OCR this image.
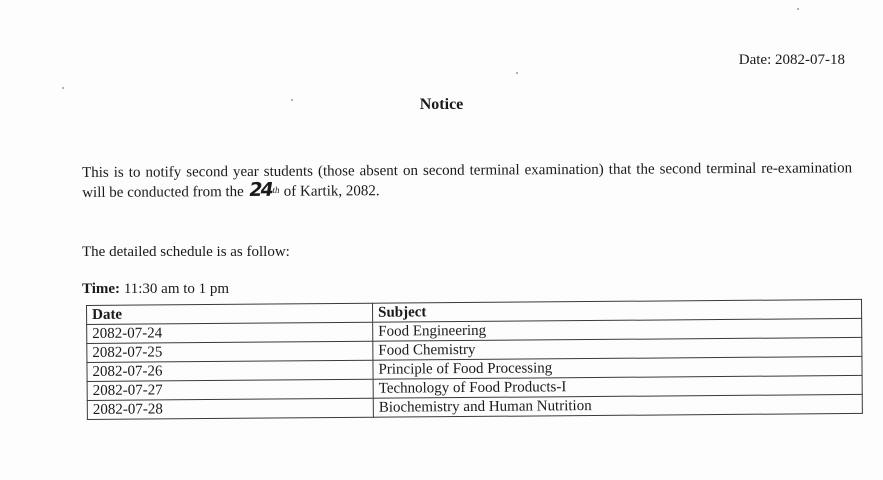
Date: 2082-07-18
Notice
This is to notify second year students (those absent on second terminal examination) that the second terminal re-examination will be conducted from the 24th of Kartik, 2082.
The detailed schedule is as follow:
Time: 11:30 am to 1 pm
Date	Subject
2082-07-24	Food Engineering
2082-07-25	Food Chemistry
2082-07-26	Principle of Food Processing
2082-07-27	Technology of Food Products-I
2082-07-28	Biochemistry and Human Nutrition
